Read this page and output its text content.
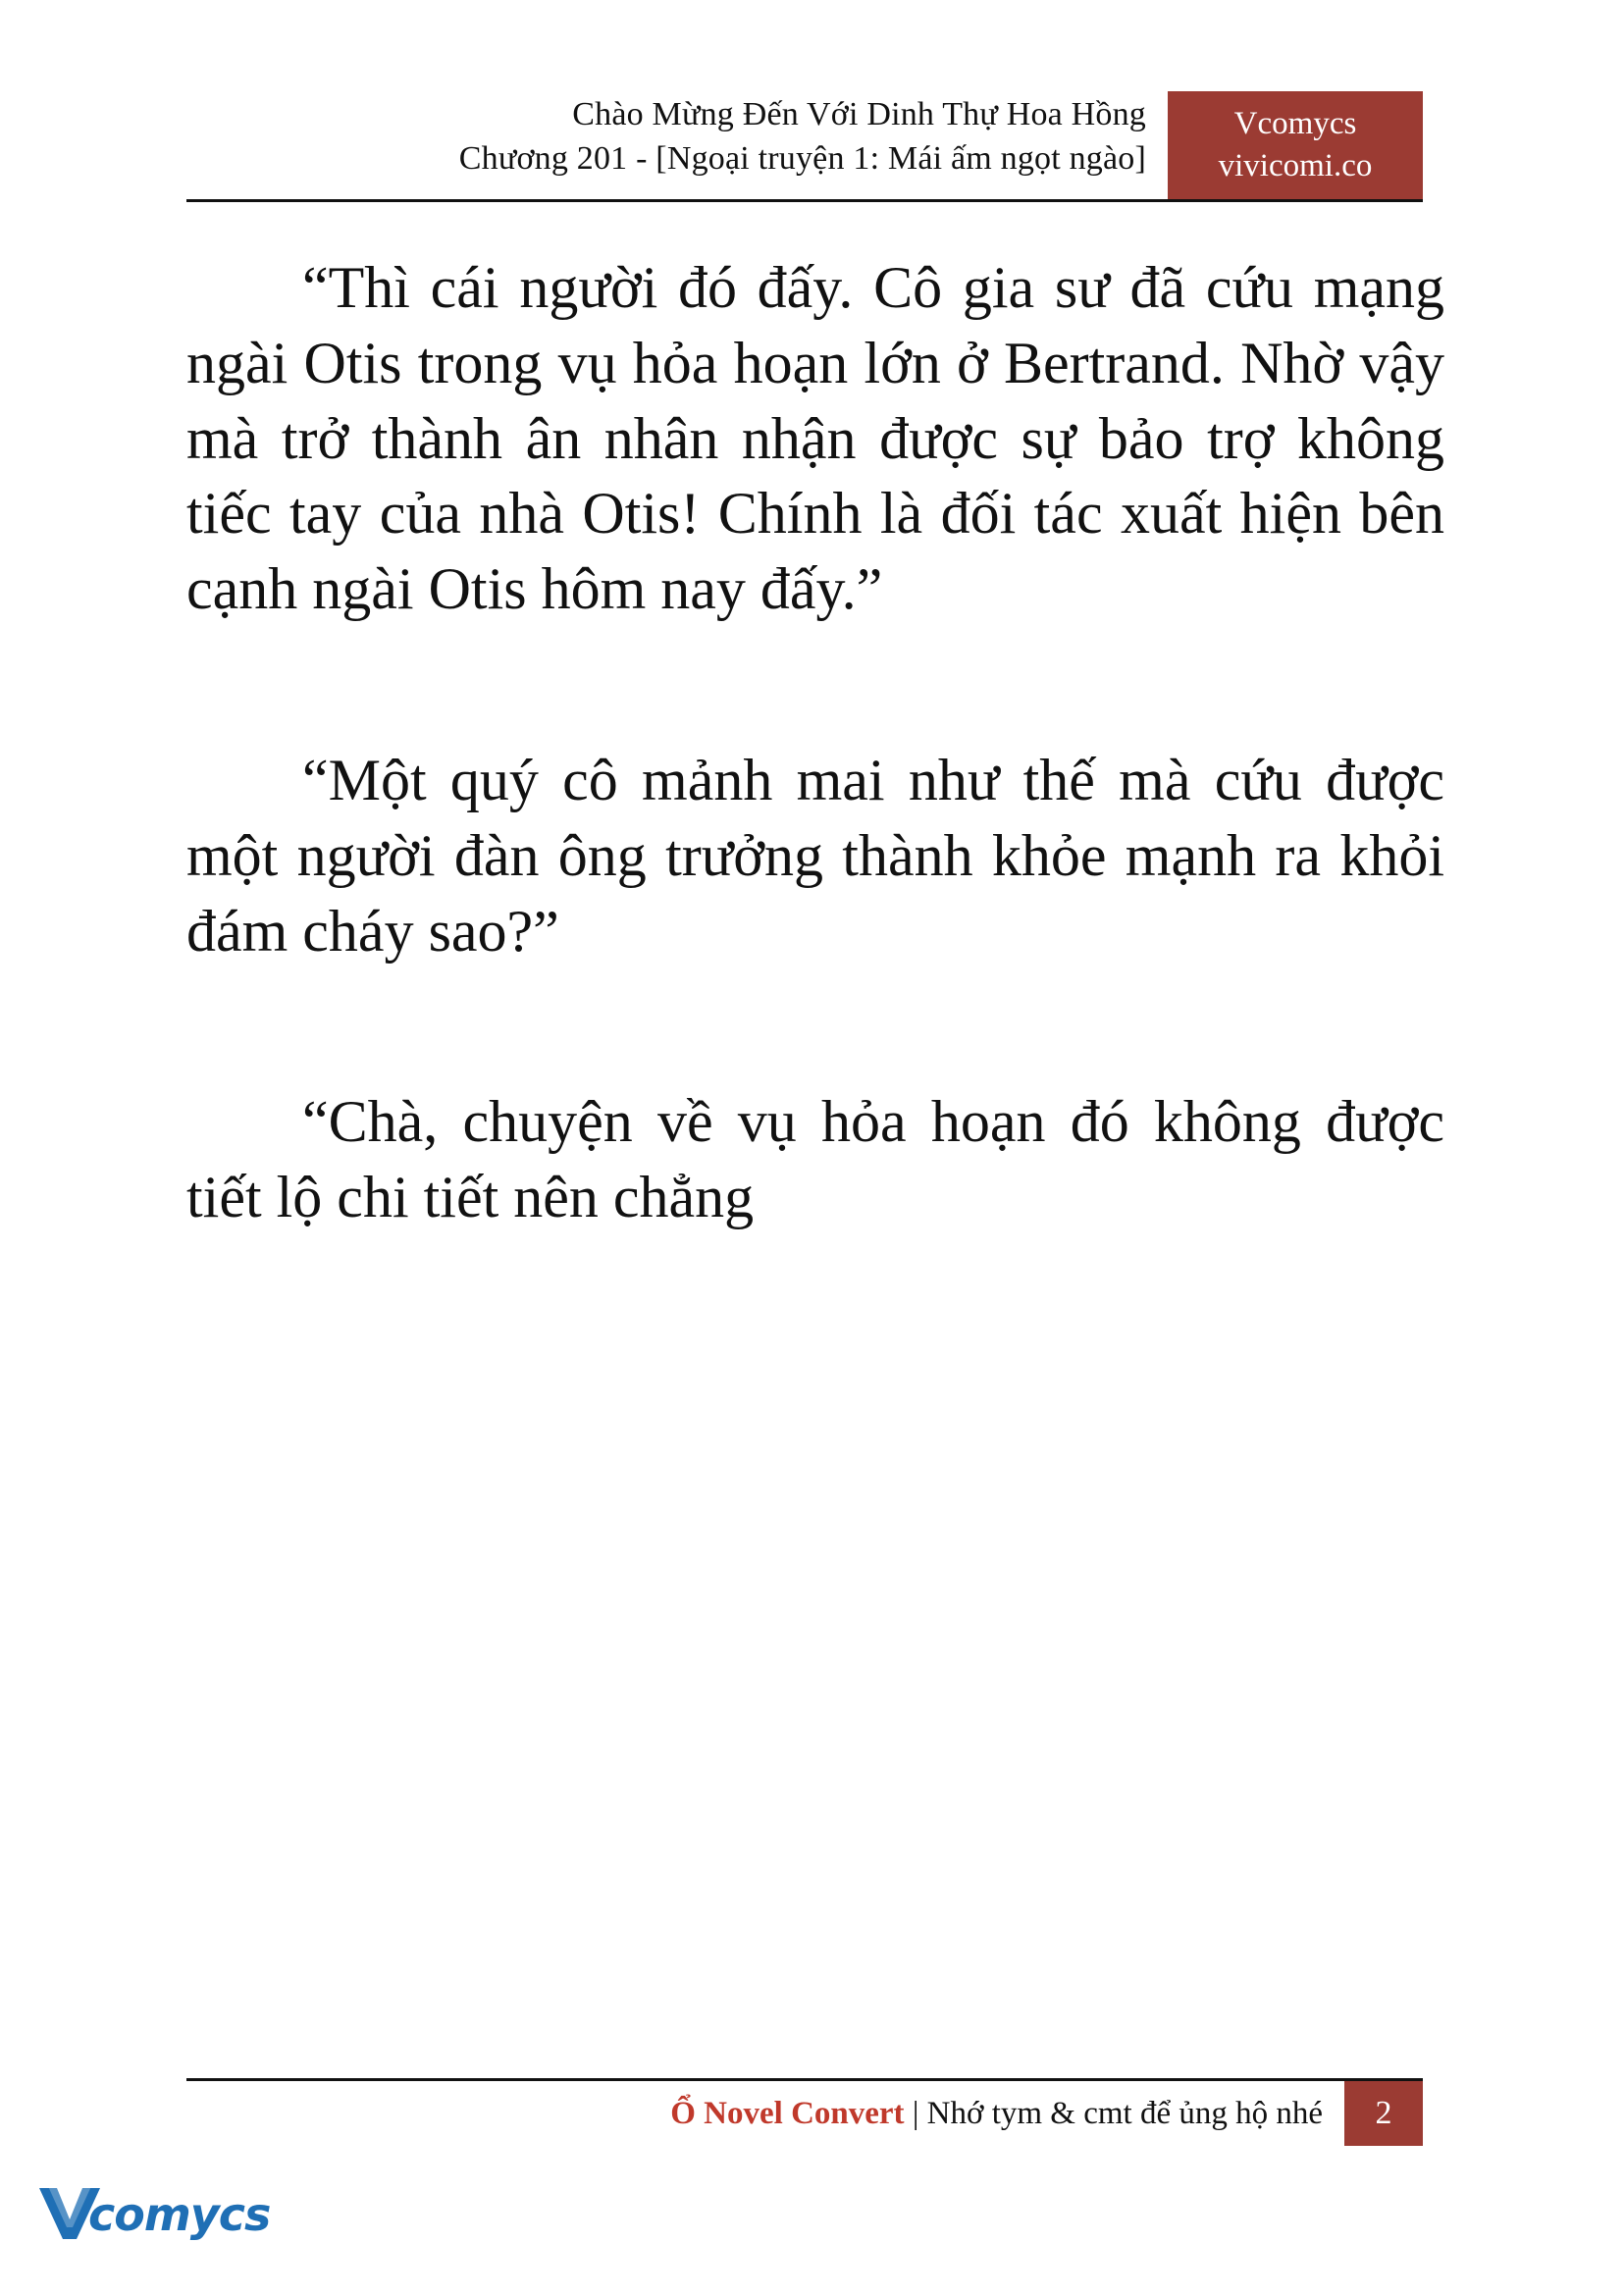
Chào Mừng Đến Với Dinh Thự Hoa Hồng
Chương 201 - [Ngoại truyện 1: Mái ấm ngọt ngào]
Vcomycs
vivicomi.co

“Thì cái người đó đấy. Cô gia sư đã cứu mạng ngài Otis trong vụ hỏa hoạn lớn ở Bertrand. Nhờ vậy mà trở thành ân nhân nhận được sự bảo trợ không tiếc tay của nhà Otis! Chính là đối tác xuất hiện bên cạnh ngài Otis hôm nay đấy.”

“Một quý cô mảnh mai như thế mà cứu được một người đàn ông trưởng thành khỏe mạnh ra khỏi đám cháy sao?”

“Chà, chuyện về vụ hỏa hoạn đó không được tiết lộ chi tiết nên chẳng

Ổ Novel Convert | Nhớ tym & cmt để ủng hộ nhé	2
comycs
